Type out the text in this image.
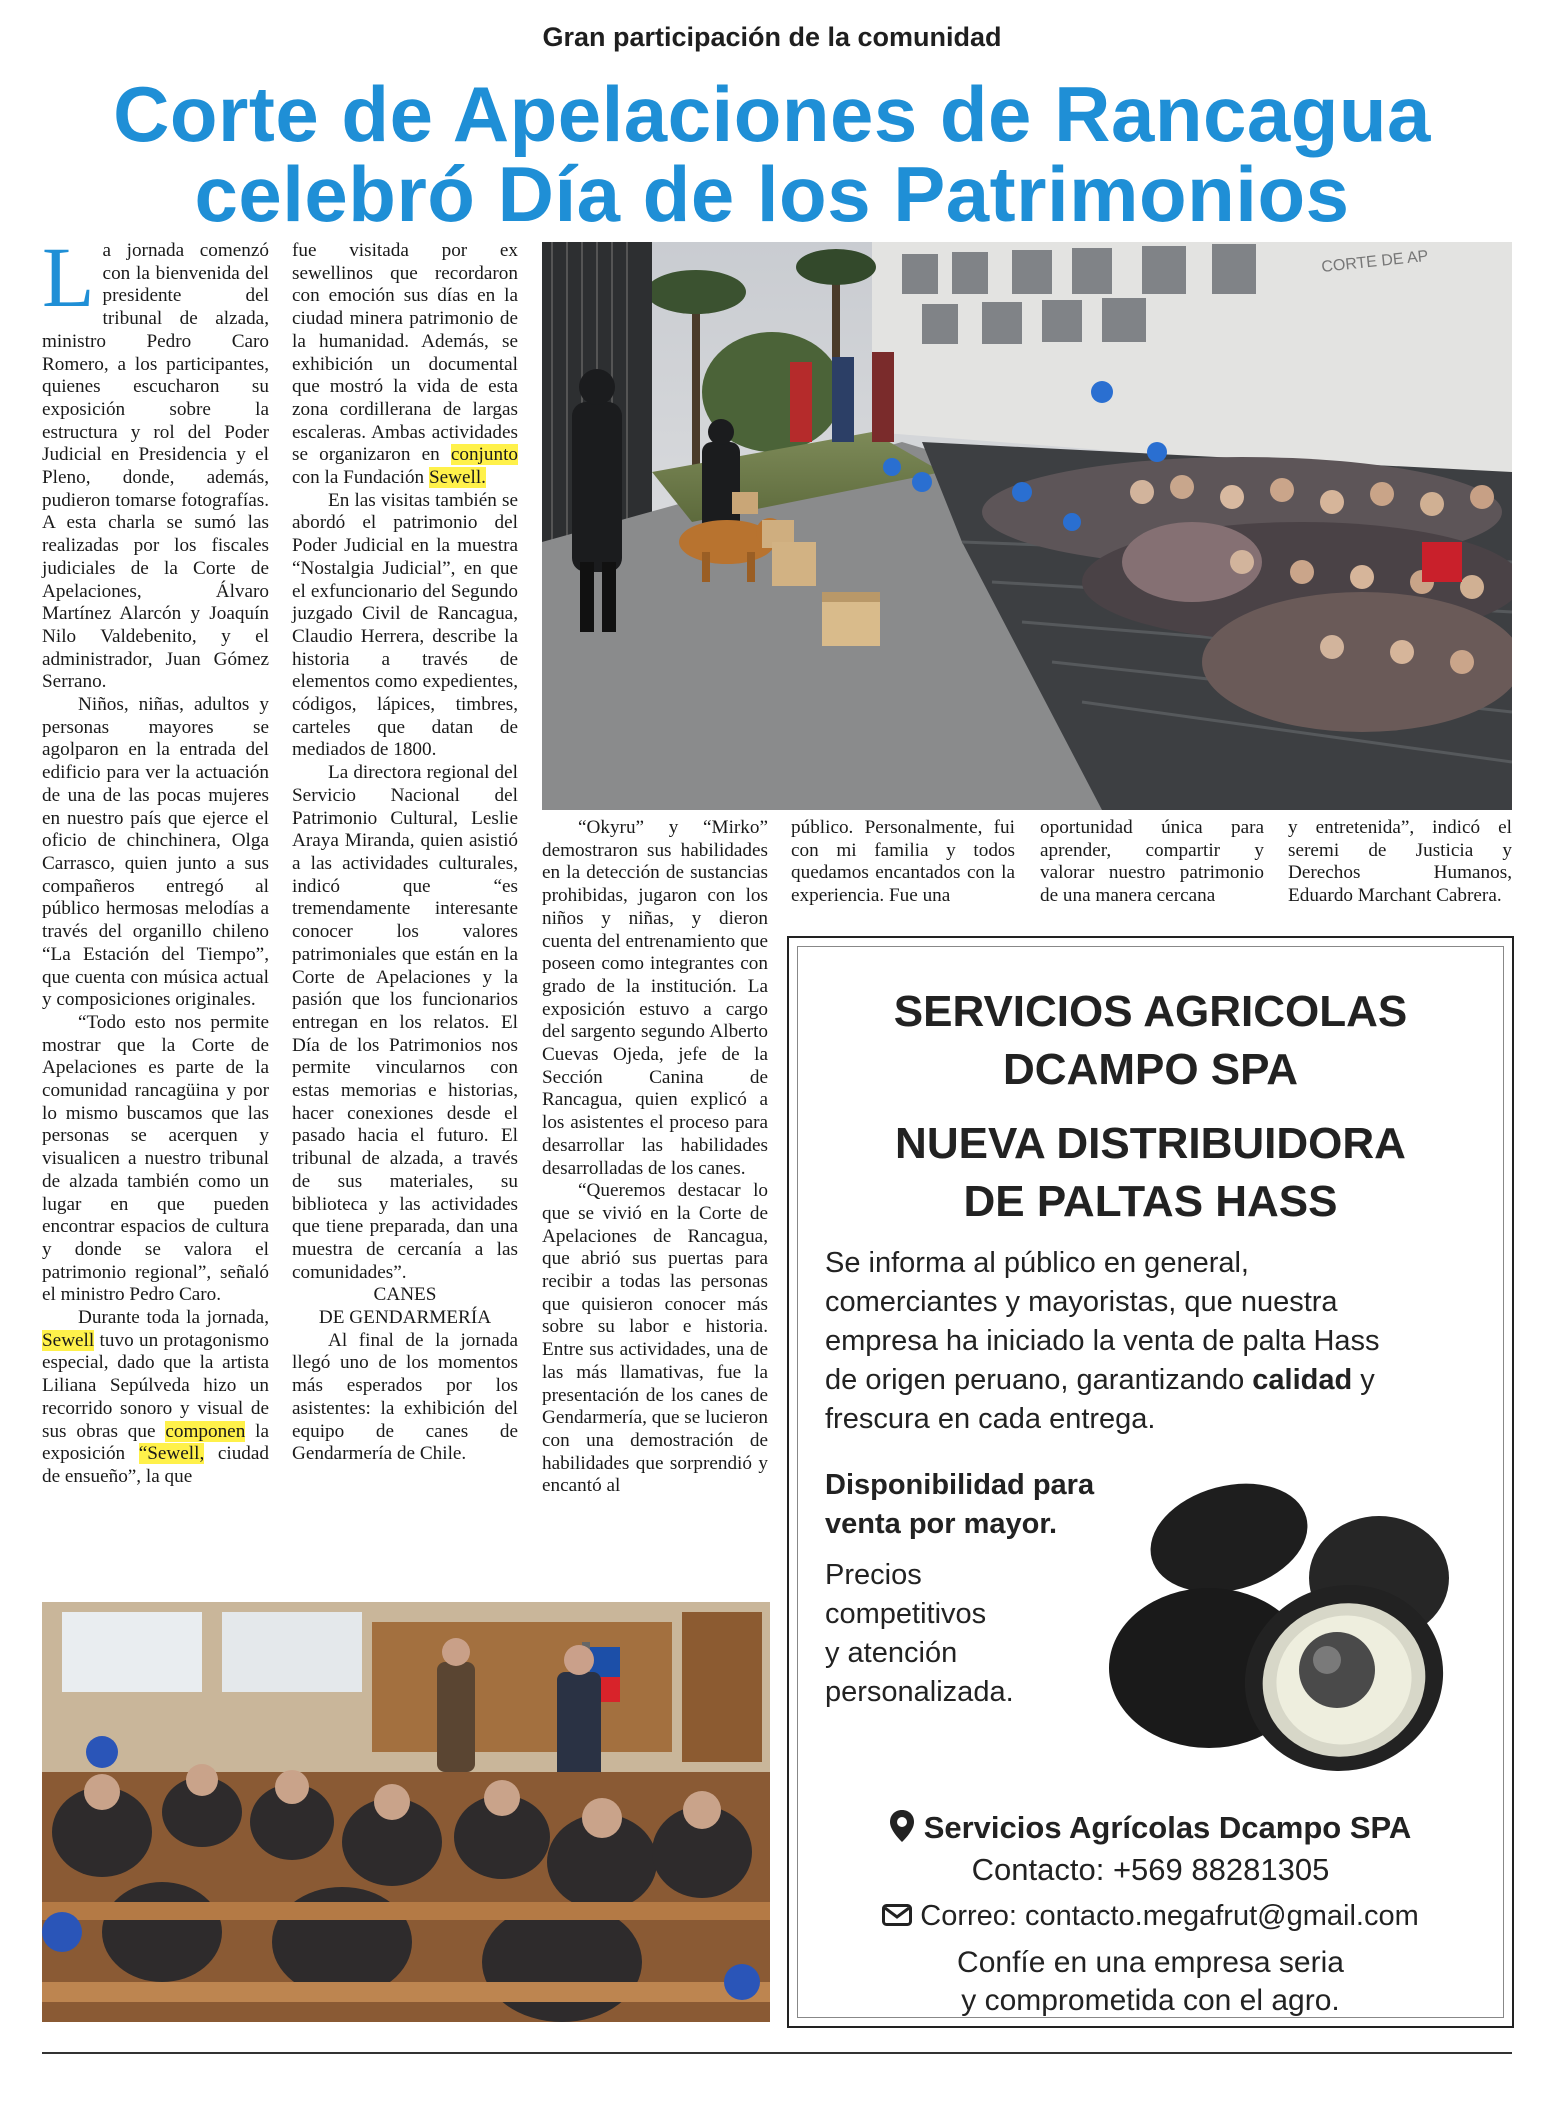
Gran participación de la comunidad
Corte de Apelaciones de Rancagua
celebró Día de los Patrimonios

La jornada comenzó con la bienvenida del presidente del tribunal de alzada, ministro Pedro Caro Romero, a los participantes, quienes escucharon su exposición sobre la estructura y rol del Poder Judicial en Presidencia y el Pleno, donde, además, pudieron tomarse fotografías. A esta charla se sumó las realizadas por los fiscales judiciales de la Corte de Apelaciones, Álvaro Martínez Alarcón y Joaquín Nilo Valdebenito, y el administrador, Juan Gómez Serrano.

Niños, niñas, adultos y personas mayores se agolparon en la entrada del edificio para ver la actuación de una de las pocas mujeres en nuestro país que ejerce el oficio de chinchinera, Olga Carrasco, quien junto a sus compañeros entregó al público hermosas melodías a través del organillo chileno “La Estación del Tiempo”, que cuenta con música actual y composiciones originales.

“Todo esto nos permite mostrar que la Corte de Apelaciones es parte de la comunidad rancagüina y por lo mismo buscamos que las personas se acerquen y visualicen a nuestro tribunal de alzada también como un lugar en que pueden encontrar espacios de cultura y donde se valora el patrimonio regional”, señaló el ministro Pedro Caro.

Durante toda la jornada, Sewell tuvo un protagonismo especial, dado que la artista Liliana Sepúlveda hizo un recorrido sonoro y visual de sus obras que componen la exposición “Sewell, ciudad de ensueño”, la que

fue visitada por ex sewellinos que recordaron con emoción sus días en la ciudad minera patrimonio de la humanidad. Además, se exhibición un documental que mostró la vida de esta zona cordillerana de largas escaleras. Ambas actividades se organizaron en conjunto con la Fundación Sewell.

En las visitas también se abordó el patrimonio del Poder Judicial en la muestra “Nostalgia Judicial”, en que el exfuncionario del Segundo juzgado Civil de Rancagua, Claudio Herrera, describe la historia a través de elementos como expedientes, códigos, lápices, timbres, carteles que datan de mediados de 1800.

La directora regional del Servicio Nacional del Patrimonio Cultural, Leslie Araya Miranda, quien asistió a las actividades culturales, indicó que “es tremendamente interesante conocer los valores patrimoniales que están en la Corte de Apelaciones y la pasión que los funcionarios entregan en los relatos. El Día de los Patrimonios nos permite vincularnos con estas memorias e historias, hacer conexiones desde el pasado hacia el futuro. El tribunal de alzada, a través de sus materiales, su biblioteca y las actividades que tiene preparada, dan una muestra de cercanía a las comunidades”.

CANES
DE GENDARMERÍA

Al final de la jornada llegó uno de los momentos más esperados por los asistentes: la exhibición del equipo de canes de Gendarmería de Chile.

“Okyru” y “Mirko” demostraron sus habilidades en la detección de sustancias prohibidas, jugaron con los niños y niñas, y dieron cuenta del entrenamiento que poseen como integrantes con grado de la institución. La exposición estuvo a cargo del sargento segundo Alberto Cuevas Ojeda, jefe de la Sección Canina de Rancagua, quien explicó a los asistentes el proceso para desarrollar las habilidades desarrolladas de los canes.

“Queremos destacar lo que se vivió en la Corte de Apelaciones de Rancagua, que abrió sus puertas para recibir a todas las personas que quisieron conocer más sobre su labor e historia. Entre sus actividades, una de las más llamativas, fue la presentación de los canes de Gendarmería, que se lucieron con una demostración de habilidades que sorprendió y encantó al

público. Personalmente, fui con mi familia y todos quedamos encantados con la experiencia. Fue una

oportunidad única para aprender, compartir y valorar nuestro patrimonio de una manera cercana

y entretenida”, indicó el seremi de Justicia y Derechos Humanos, Eduardo Marchant Cabrera.

CORTE DE AP
SERVICIOS AGRICOLAS
DCAMPO SPA
NUEVA DISTRIBUIDORA
DE PALTAS HASS
Se informa al público en general,
comerciantes y mayoristas, que nuestra
empresa ha iniciado la venta de palta Hass
de origen peruano, garantizando calidad y
frescura en cada entrega.
Disponibilidad para
venta por mayor.
Precios
competitivos
y atención
personalizada.
Servicios Agrícolas Dcampo SPA
Contacto: +569 88281305
Correo: contacto.megafrut@gmail.com
Confíe en una empresa seria
y comprometida con el agro.
